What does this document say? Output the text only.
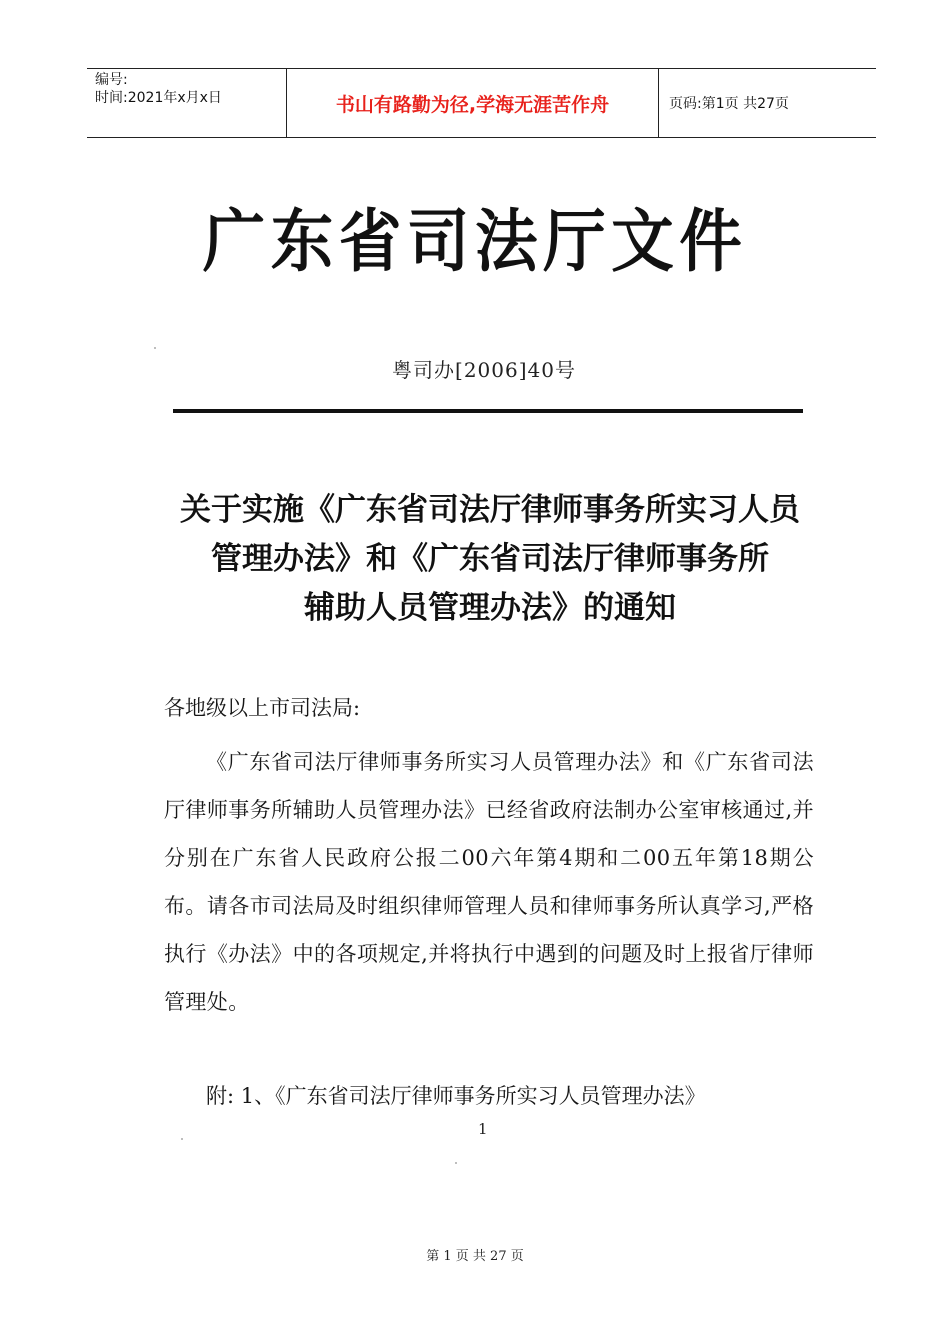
编号:
时间:2021年x月x日	书山有路勤为径,学海无涯苦作舟	页码:第1页 共27页
广东省司法厅文件
粤司办[2006]40号
关于实施《广东省司法厅律师事务所实习人员
管理办法》和《广东省司法厅律师事务所
辅助人员管理办法》的通知
各地级以上市司法局:
《广东省司法厅律师事务所实习人员管理办法》和《广东省司法厅律师事务所辅助人员管理办法》已经省政府法制办公室审核通过,并分别在广东省人民政府公报二00六年第4期和二00五年第18期公布。请各市司法局及时组织律师管理人员和律师事务所认真学习,严格执行《办法》中的各项规定,并将执行中遇到的问题及时上报省厅律师管理处。
附: 1、《广东省司法厅律师事务所实习人员管理办法》
1
第 1 页 共 27 页
